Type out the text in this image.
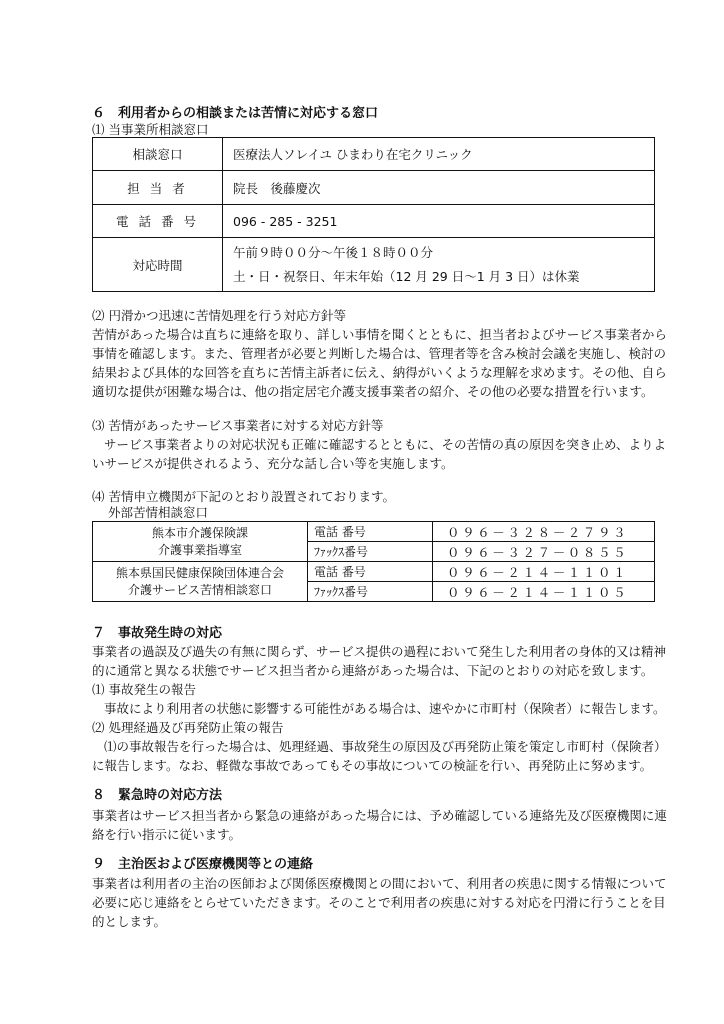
６　利用者からの相談または苦情に対応する窓口
⑴ 当事業所相談窓口
相談窓口	医療法人ソレイユ ひまわり在宅クリニック
担 当 者	院長　後藤慶次
電 話 番 号	096 - 285 - 3251
対応時間	午前９時００分～午後１８時００分
土・日・祝祭日、年末年始（12 月 29 日～1 月 3 日）は休業
⑵ 円滑かつ迅速に苦情処理を行う対応方針等
苦情があった場合は直ちに連絡を取り、詳しい事情を聞くとともに、担当者およびサービス事業者から
事情を確認します。また、管理者が必要と判断した場合は、管理者等を含み検討会議を実施し、検討の
結果および具体的な回答を直ちに苦情主訴者に伝え、納得がいくような理解を求めます。その他、自ら
適切な提供が困難な場合は、他の指定居宅介護支援事業者の紹介、その他の必要な措置を行います。
⑶ 苦情があったサービス事業者に対する対応方針等
サービス事業者よりの対応状況も正確に確認するとともに、その苦情の真の原因を突き止め、よりよ
いサービスが提供されるよう、充分な話し合い等を実施します。
⑷ 苦情申立機関が下記のとおり設置されております。
外部苦情相談窓口
熊本市介護保険課
介護事業指導室	電話 番号	０９６－３２８－２７９３
	ﾌｧｯｸｽ番号	０９６－３２７－０８５５

熊本県国民健康保険団体連合会
介護サービス苦情相談窓口	電話 番号	０９６－２１４－１１０１
	ﾌｧｯｸｽ番号	０９６－２１４－１１０５
７　事故発生時の対応
事業者の過誤及び過失の有無に関らず、サービス提供の過程において発生した利用者の身体的又は精神
的に通常と異なる状態でサービス担当者から連絡があった場合は、下記のとおりの対応を致します。
⑴ 事故発生の報告
事故により利用者の状態に影響する可能性がある場合は、速やかに市町村（保険者）に報告します。
⑵ 処理経過及び再発防止策の報告
⑴の事故報告を行った場合は、処理経過、事故発生の原因及び再発防止策を策定し市町村（保険者）
に報告します。なお、軽微な事故であってもその事故についての検証を行い、再発防止に努めます。
８　緊急時の対応方法
事業者はサービス担当者から緊急の連絡があった場合には、予め確認している連絡先及び医療機関に連
絡を行い指示に従います。
９　主治医および医療機関等との連絡
事業者は利用者の主治の医師および関係医療機関との間において、利用者の疾患に関する情報について
必要に応じ連絡をとらせていただきます。そのことで利用者の疾患に対する対応を円滑に行うことを目
的とします。
